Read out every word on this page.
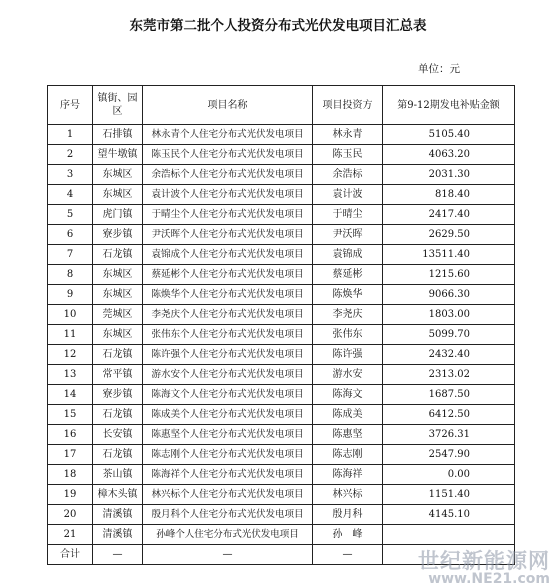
东莞市第二批个人投资分布式光伏发电项目汇总表
单位：元
序号	镇街、园区	项目名称	项目投资方	第9-12期发电补贴金额
1	石排镇	林永青个人住宅分布式光伏发电项目	林永青	5105.40
2	望牛墩镇	陈玉民个人住宅分布式光伏发电项目	陈玉民	4063.20
3	东城区	余浩标个人住宅分布式光伏发电项目	余浩标	2031.30
4	东城区	袁计波个人住宅分布式光伏发电项目	袁计波	818.40
5	虎门镇	于晴尘个人住宅分布式光伏发电项目	于晴尘	2417.40
6	寮步镇	尹沃晖个人住宅分布式光伏发电项目	尹沃晖	2629.50
7	石龙镇	袁锦成个人住宅分布式光伏发电项目	袁锦成	13511.40
8	东城区	蔡延彬个人住宅分布式光伏发电项目	蔡延彬	1215.60
9	东城区	陈焕华个人住宅分布式光伏发电项目	陈焕华	9066.30
10	莞城区	李尧庆个人住宅分布式光伏发电项目	李尧庆	1803.00
11	东城区	张伟东个人住宅分布式光伏发电项目	张伟东	5099.70
12	石龙镇	陈许强个人住宅分布式光伏发电项目	陈许强	2432.40
13	常平镇	游水安个人住宅分布式光伏发电项目	游水安	2313.02
14	寮步镇	陈海文个人住宅分布式光伏发电项目	陈海文	1687.50
15	石龙镇	陈成美个人住宅分布式光伏发电项目	陈成美	6412.50
16	长安镇	陈惠坚个人住宅分布式光伏发电项目	陈惠坚	3726.31
17	石龙镇	陈志刚个人住宅分布式光伏发电项目	陈志刚	2547.90
18	茶山镇	陈海祥个人住宅分布式光伏发电项目	陈海祥	0.00
19	樟木头镇	林兴标个人住宅分布式光伏发电项目	林兴标	1151.40
20	清溪镇	殷月科个人住宅分布式光伏发电项目	殷月科	4145.10
21	清溪镇	孙峰个人住宅分布式光伏发电项目	孙　峰	
合计	—	—	—		世纪新能源网
www.NE21.com
